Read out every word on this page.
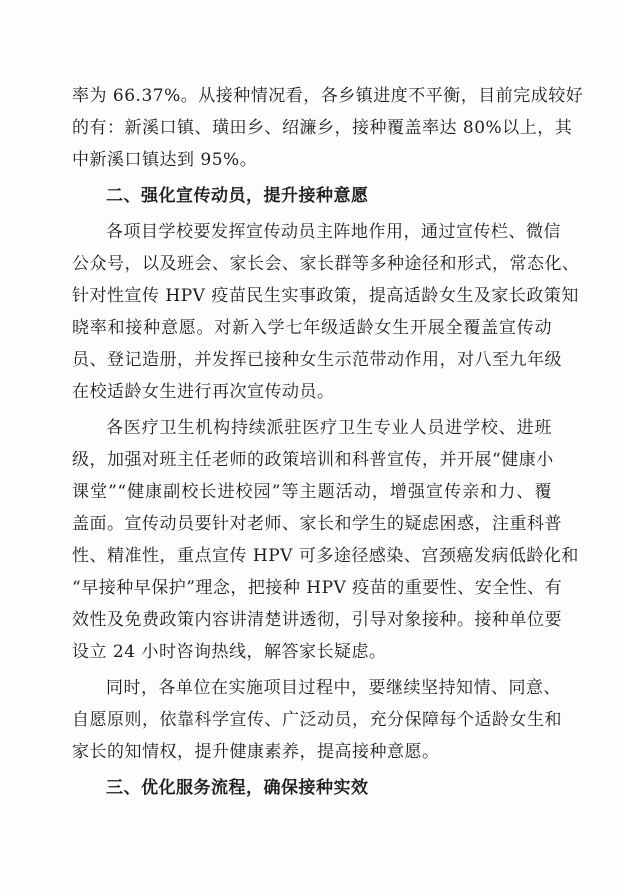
率为 66.37%。从接种情况看，各乡镇进度不平衡，目前完成较好
的有：新溪口镇、璜田乡、绍濂乡，接种覆盖率达 80%以上，其
中新溪口镇达到 95%。
二、强化宣传动员，提升接种意愿
各项目学校要发挥宣传动员主阵地作用，通过宣传栏、微信
公众号，以及班会、家长会、家长群等多种途径和形式，常态化、
针对性宣传 HPV 疫苗民生实事政策，提高适龄女生及家长政策知
晓率和接种意愿。对新入学七年级适龄女生开展全覆盖宣传动
员、登记造册，并发挥已接种女生示范带动作用，对八至九年级
在校适龄女生进行再次宣传动员。
各医疗卫生机构持续派驻医疗卫生专业人员进学校、进班
级，加强对班主任老师的政策培训和科普宣传，并开展“健康小
课堂”“健康副校长进校园”等主题活动，增强宣传亲和力、覆
盖面。宣传动员要针对老师、家长和学生的疑虑困惑，注重科普
性、精准性，重点宣传 HPV 可多途径感染、宫颈癌发病低龄化和
“早接种早保护”理念，把接种 HPV 疫苗的重要性、安全性、有
效性及免费政策内容讲清楚讲透彻，引导对象接种。接种单位要
设立 24 小时咨询热线，解答家长疑虑。
同时，各单位在实施项目过程中，要继续坚持知情、同意、
自愿原则，依靠科学宣传、广泛动员，充分保障每个适龄女生和
家长的知情权，提升健康素养，提高接种意愿。
三、优化服务流程，确保接种实效
